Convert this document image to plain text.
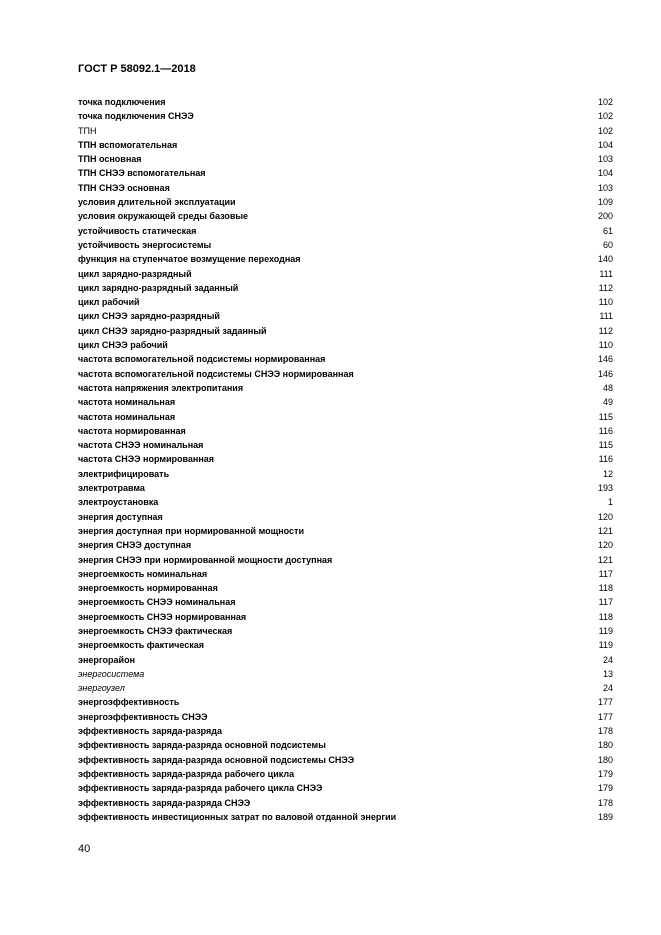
ГОСТ Р 58092.1—2018
точка подключения	102
точка подключения СНЭЭ	102
ТПН	102
ТПН вспомогательная	104
ТПН основная	103
ТПН СНЭЭ вспомогательная	104
ТПН СНЭЭ основная	103
условия длительной эксплуатации	109
условия окружающей среды базовые	200
устойчивость статическая	61
устойчивость энергосистемы	60
функция на ступенчатое возмущение переходная	140
цикл зарядно-разрядный	111
цикл зарядно-разрядный заданный	112
цикл рабочий	110
цикл СНЭЭ зарядно-разрядный	111
цикл СНЭЭ зарядно-разрядный заданный	112
цикл СНЭЭ рабочий	110
частота вспомогательной подсистемы нормированная	146
частота вспомогательной подсистемы СНЭЭ нормированная	146
частота напряжения электропитания	48
частота номинальная	49
частота номинальная	115
частота нормированная	116
частота СНЭЭ номинальная	115
частота СНЭЭ нормированная	116
электрифицировать	12
электротравма	193
электроустановка	1
энергия доступная	120
энергия доступная при нормированной мощности	121
энергия СНЭЭ доступная	120
энергия СНЭЭ при нормированной мощности доступная	121
энергоемкость номинальная	117
энергоемкость нормированная	118
энергоемкость СНЭЭ номинальная	117
энергоемкость СНЭЭ нормированная	118
энергоемкость СНЭЭ фактическая	119
энергоемкость фактическая	119
энергорайон	24
энергосистема	13
энергоузел	24
энергоэффективность	177
энергоэффективность СНЭЭ	177
эффективность заряда-разряда	178
эффективность заряда-разряда основной подсистемы	180
эффективность заряда-разряда основной подсистемы СНЭЭ	180
эффективность заряда-разряда рабочего цикла	179
эффективность заряда-разряда рабочего цикла СНЭЭ	179
эффективность заряда-разряда СНЭЭ	178
эффективность инвестиционных затрат по валовой отданной энергии	189
40
